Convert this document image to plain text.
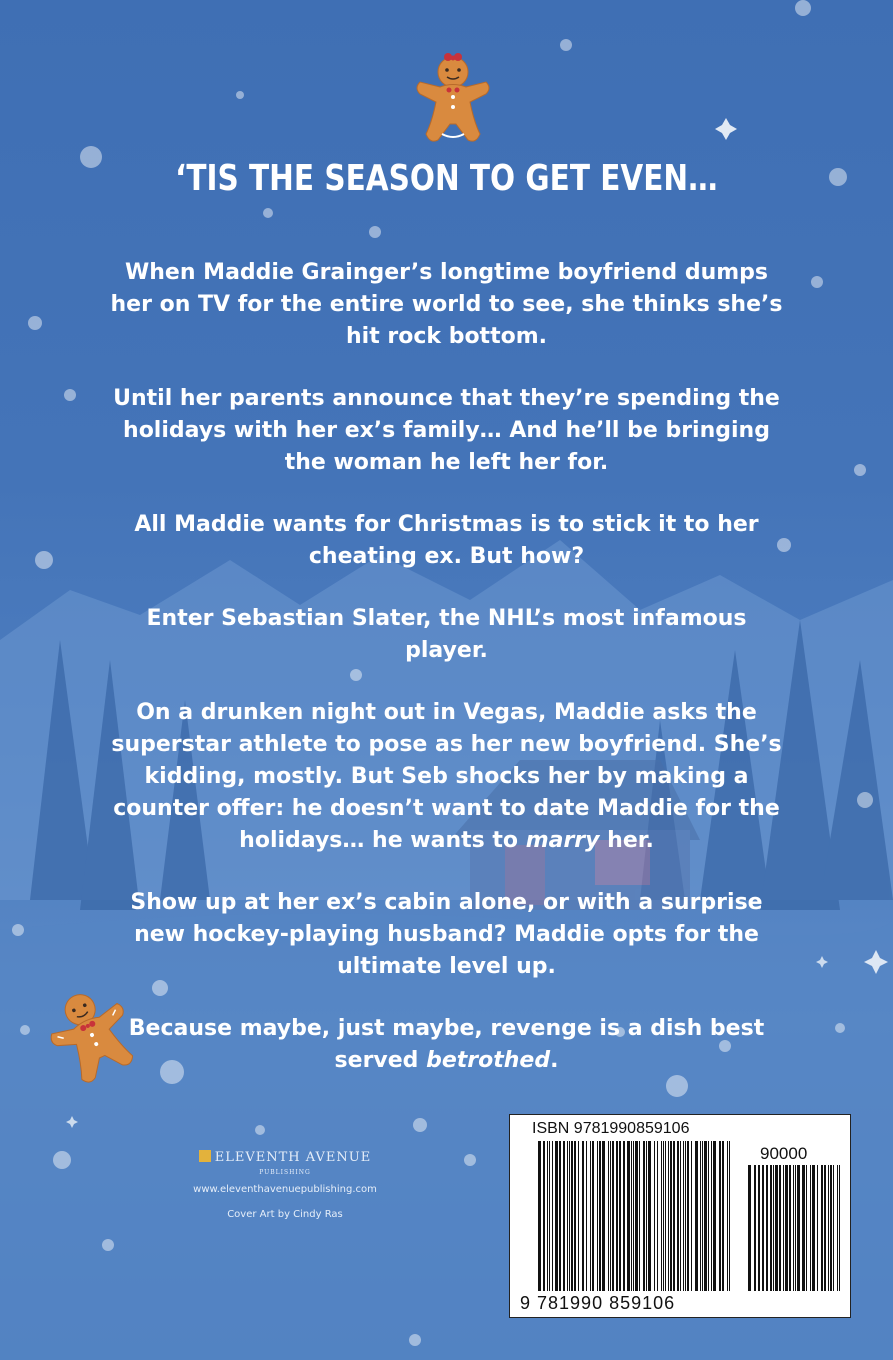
‘TIS THE SEASON TO GET EVEN…

When Maddie Grainger’s longtime boyfriend dumps her on TV for the entire world to see, she thinks she’s hit rock bottom.

Until her parents announce that they’re spending the holidays with her ex’s family… And he’ll be bringing the woman he left her for.

All Maddie wants for Christmas is to stick it to her cheating ex. But how?

Enter Sebastian Slater, the NHL’s most infamous player.

On a drunken night out in Vegas, Maddie asks the superstar athlete to pose as her new boyfriend. She’s kidding, mostly. But Seb shocks her by making a counter offer: he doesn’t want to date Maddie for the holidays… he wants to marry her.

Show up at her ex’s cabin alone, or with a surprise new hockey-playing husband? Maddie opts for the ultimate level up.

Because maybe, just maybe, revenge is a dish best served betrothed.

ELEVENTH AVENUE
PUBLISHING
www.eleventhavenuepublishing.com
Cover Art by Cindy Ras
ISBN 9781990859106
90000
9 781990 859106
